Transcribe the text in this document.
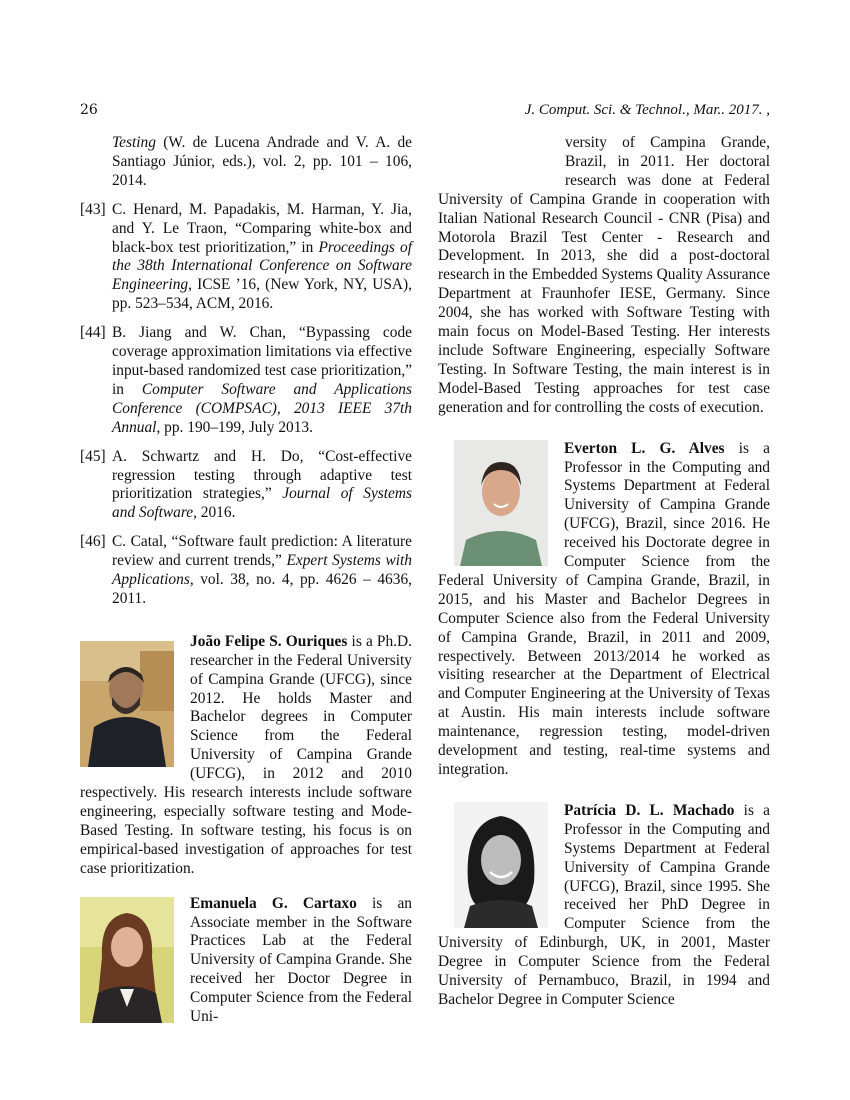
26	J. Comput. Sci. & Technol., Mar.. 2017. ,
Testing (W. de Lucena Andrade and V. A. de Santiago Júnior, eds.), vol. 2, pp. 101 – 106, 2014.
[43] C. Henard, M. Papadakis, M. Harman, Y. Jia, and Y. Le Traon, “Comparing white-box and black-box test prioritization,” in Proceedings of the 38th International Conference on Software Engineering, ICSE ’16, (New York, NY, USA), pp. 523–534, ACM, 2016.
[44] B. Jiang and W. Chan, “Bypassing code coverage approximation limitations via effective input-based randomized test case prioritization,” in Computer Software and Applications Conference (COMPSAC), 2013 IEEE 37th Annual, pp. 190–199, July 2013.
[45] A. Schwartz and H. Do, “Cost-effective regression testing through adaptive test prioritization strategies,” Journal of Systems and Software, 2016.
[46] C. Catal, “Software fault prediction: A literature review and current trends,” Expert Systems with Applications, vol. 38, no. 4, pp. 4626 – 4636, 2011.
João Felipe S. Ouriques is a Ph.D. researcher in the Federal University of Campina Grande (UFCG), since 2012. He holds Master and Bachelor degrees in Computer Science from the Federal University of Campina Grande (UFCG), in 2012 and 2010 respectively. His research interests include software engineering, especially software testing and Mode-Based Testing. In software testing, his focus is on empirical-based investigation of approaches for test case prioritization.
Emanuela G. Cartaxo is an Associate member in the Software Practices Lab at the Federal University of Campina Grande. She received her Doctor Degree in Computer Science from the Federal Uni-
versity of Campina Grande, Brazil, in 2011. Her doctoral research was done at Federal University of Campina Grande in cooperation with Italian National Research Council - CNR (Pisa) and Motorola Brazil Test Center - Research and Development. In 2013, she did a post-doctoral research in the Embedded Systems Quality Assurance Department at Fraunhofer IESE, Germany. Since 2004, she has worked with Software Testing with main focus on Model-Based Testing. Her interests include Software Engineering, especially Software Testing. In Software Testing, the main interest is in Model-Based Testing approaches for test case generation and for controlling the costs of execution.
Everton L. G. Alves is a Professor in the Computing and Systems Department at Federal University of Campina Grande (UFCG), Brazil, since 2016. He received his Doctorate degree in Computer Science from the Federal University of Campina Grande, Brazil, in 2015, and his Master and Bachelor Degrees in Computer Science also from the Federal University of Campina Grande, Brazil, in 2011 and 2009, respectively. Between 2013/2014 he worked as visiting researcher at the Department of Electrical and Computer Engineering at the University of Texas at Austin. His main interests include software maintenance, regression testing, model-driven development and testing, real-time systems and integration.
Patrícia D. L. Machado is a Professor in the Computing and Systems Department at Federal University of Campina Grande (UFCG), Brazil, since 1995. She received her PhD Degree in Computer Science from the University of Edinburgh, UK, in 2001, Master Degree in Computer Science from the Federal University of Pernambuco, Brazil, in 1994 and Bachelor Degree in Computer Science
